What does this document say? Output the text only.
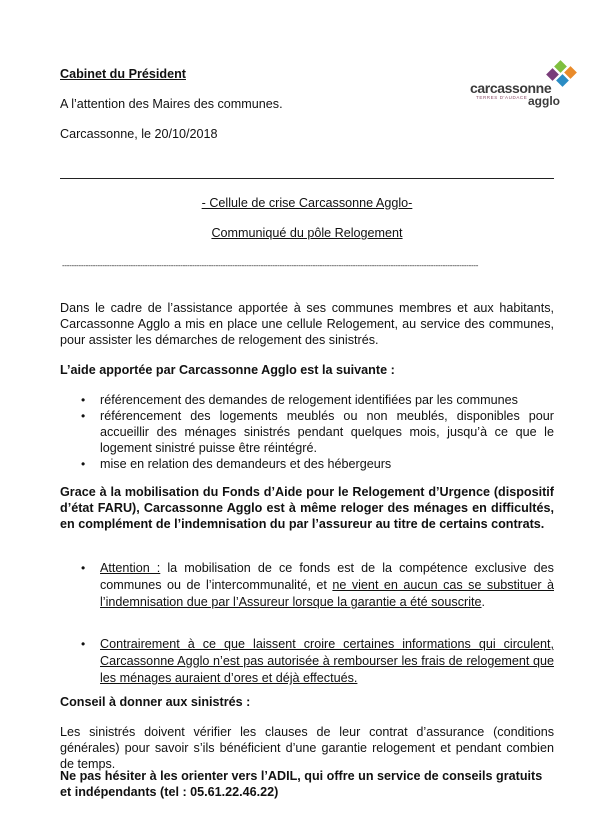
Cabinet du Président

A l’attention des Maires des communes.

Carcassonne, le 20/10/2018

carcassonne
TERRES D'AUDACE agglo

- Cellule de crise Carcassonne Agglo-

Communiqué du pôle Relogement

--------------------------------------------------------------------------------------------------------------------------------------------------------------------------------

Dans le cadre de l’assistance apportée à ses communes membres et aux habitants, Carcassonne Agglo a mis en place une cellule Relogement, au service des communes, pour assister les démarches de relogement des sinistrés.

L’aide apportée par Carcassonne Agglo est la suivante :

• référencement des demandes de relogement identifiées par les communes
• référencement des logements meublés ou non meublés, disponibles pour accueillir des ménages sinistrés pendant quelques mois, jusqu’à ce que le logement sinistré puisse être réintégré.
• mise en relation des demandeurs et des hébergeurs

Grace à la mobilisation du Fonds d’Aide pour le Relogement d’Urgence (dispositif d’état FARU), Carcassonne Agglo est à même reloger des ménages en difficultés, en complément de l’indemnisation du par l’assureur au titre de certains contrats.

• Attention : la mobilisation de ce fonds est de la compétence exclusive des communes ou de l’intercommunalité, et ne vient en aucun cas se substituer à l’indemnisation due par l’Assureur lorsque la garantie a été souscrite.
• Contrairement à ce que laissent croire certaines informations qui circulent, Carcassonne Agglo n’est pas autorisée à rembourser les frais de relogement que les ménages auraient d’ores et déjà effectués.

Conseil à donner aux sinistrés :

Les sinistrés doivent vérifier les clauses de leur contrat d’assurance (conditions générales) pour savoir s’ils bénéficient d’une garantie relogement et pendant combien de temps.

Ne pas hésiter à les orienter vers l’ADIL, qui offre un service de conseils gratuits et indépendants (tel : 05.61.22.46.22)
